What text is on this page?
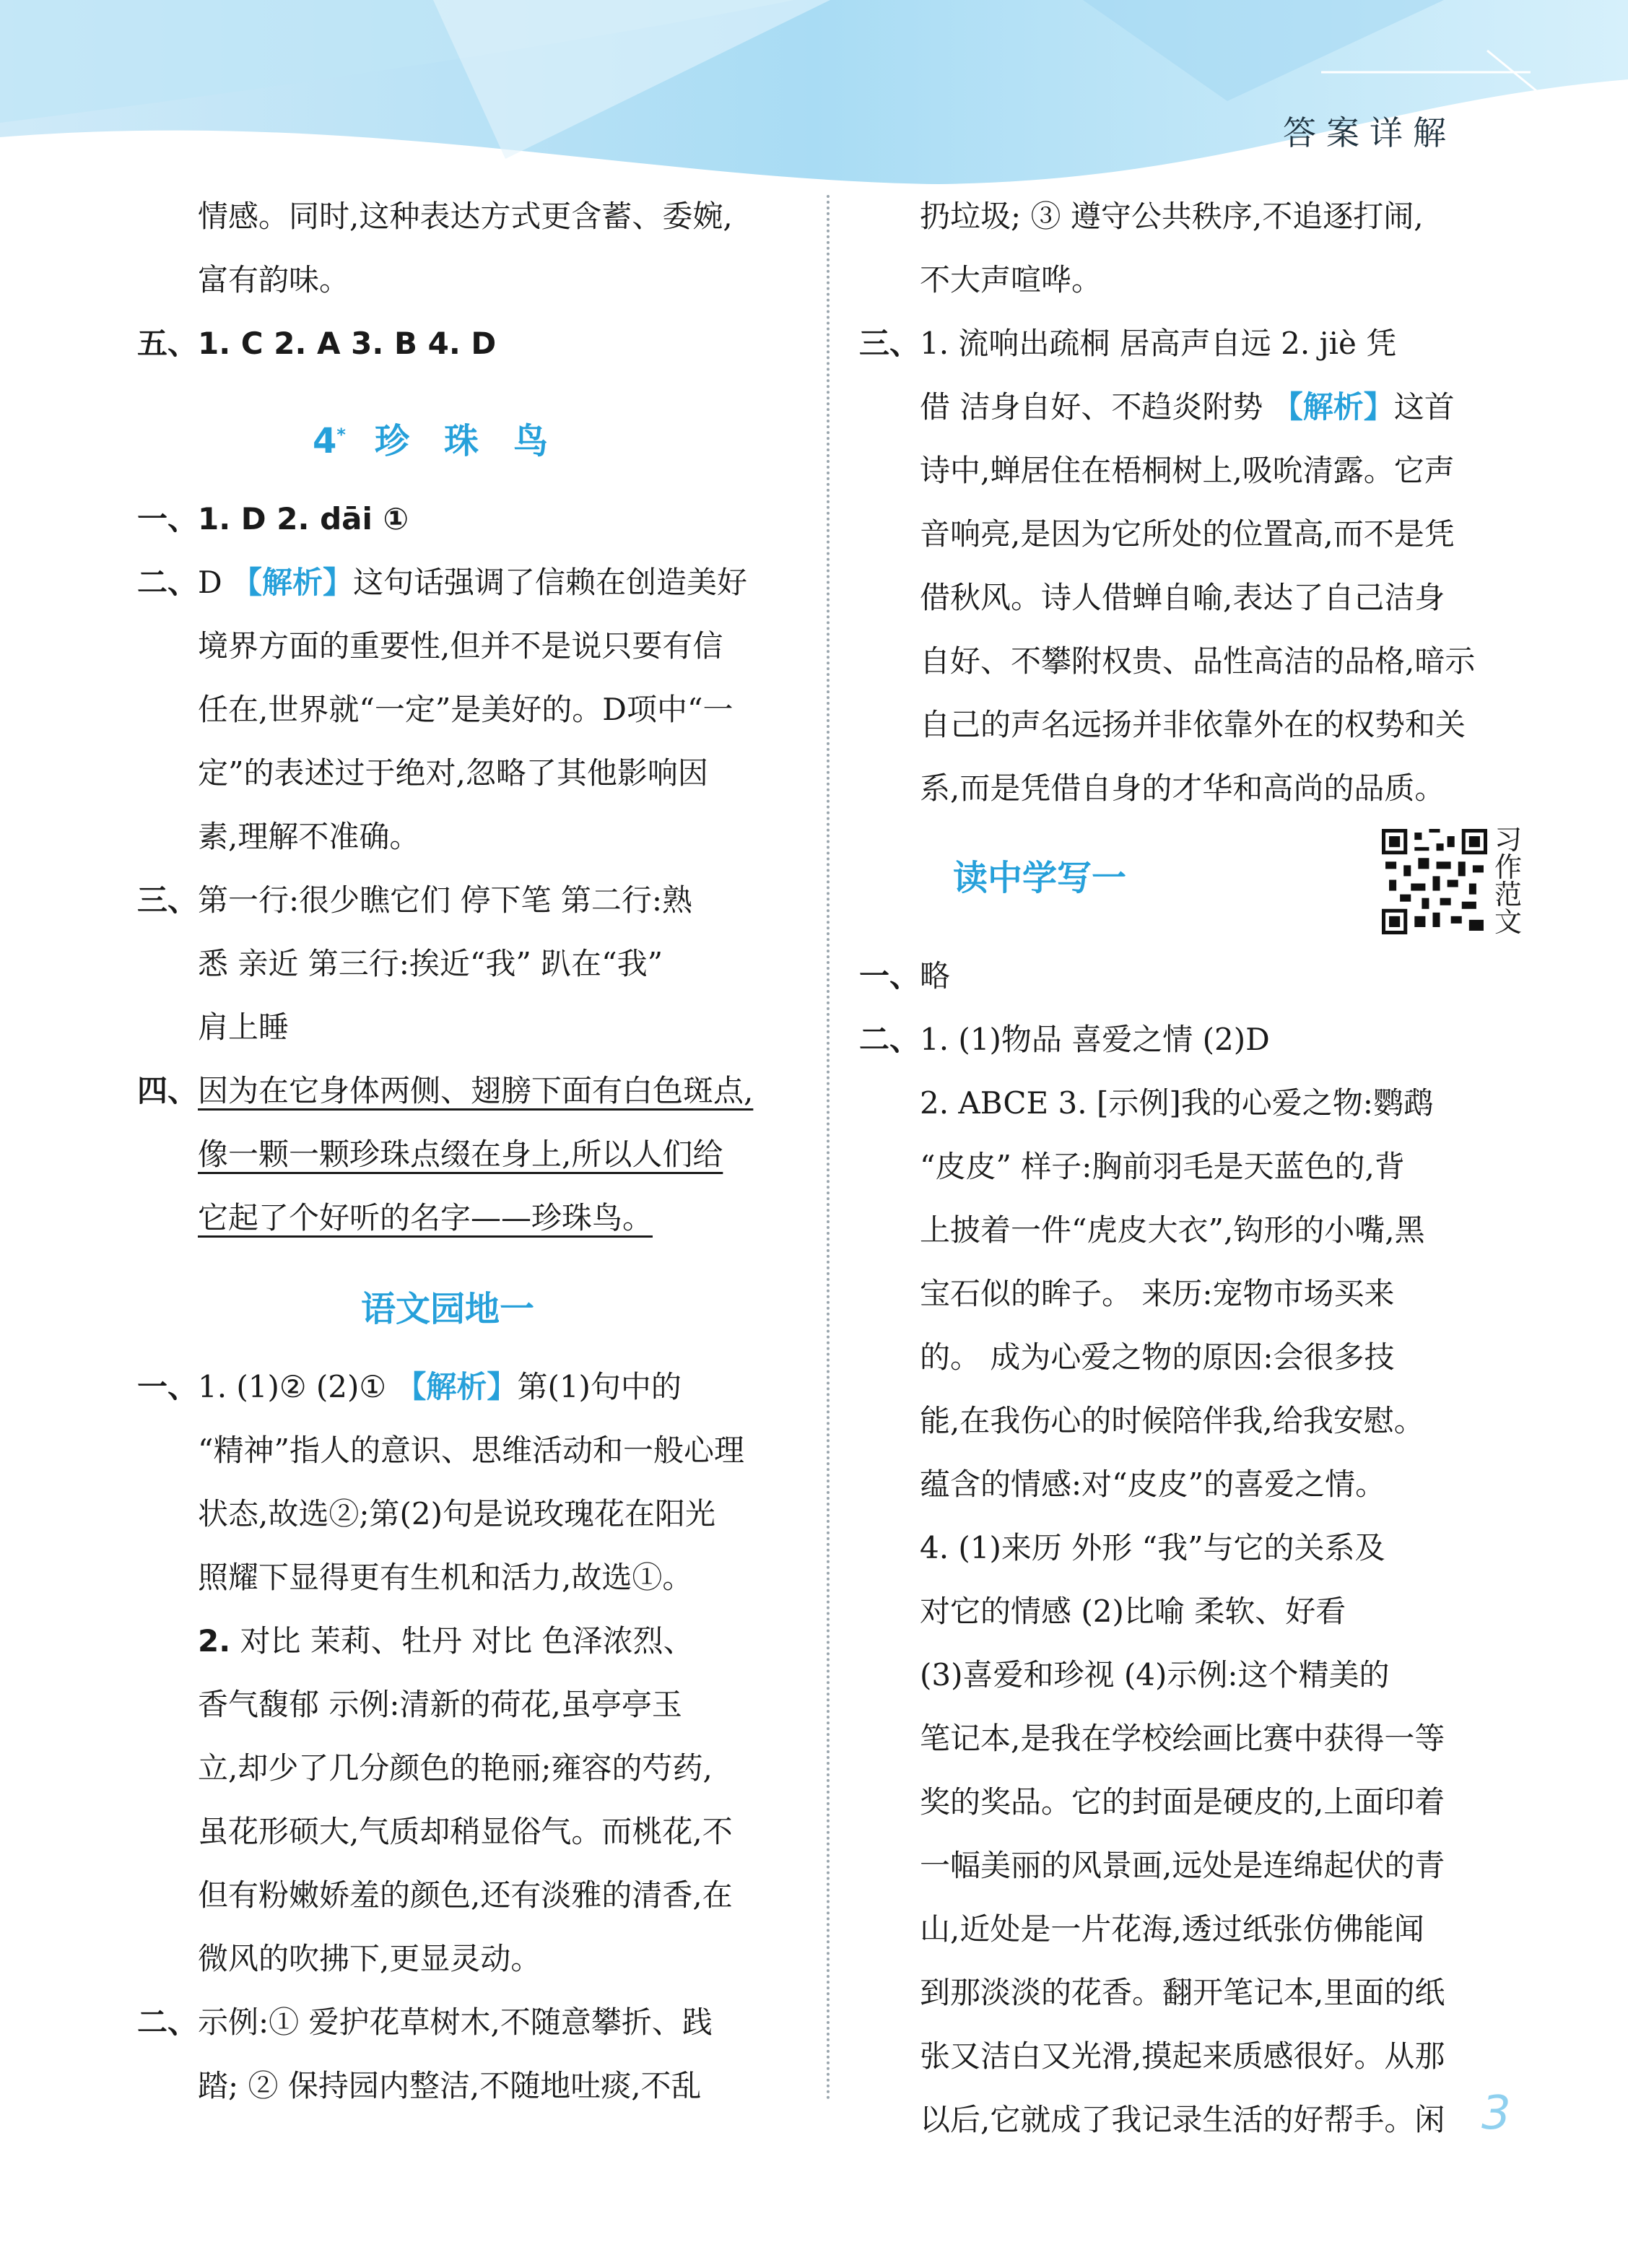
答案详解
情感。同时,这种表达方式更含蓄、委婉,
富有韵味。
五、 1. C 2. A 3. B 4. D
4* 珍珠鸟
一、 1. D 2. dāi ①
二、 D 【解析】这句话强调了信赖在创造美好
境界方面的重要性,但并不是说只要有信
任在,世界就“一定”是美好的。D项中“一
定”的表述过于绝对,忽略了其他影响因
素,理解不准确。
三、 第一行:很少瞧它们 停下笔 第二行:熟
悉 亲近 第三行:挨近“我” 趴在“我”
肩上睡
四、 因为在它身体两侧、翅膀下面有白色斑点,
像一颗一颗珍珠点缀在身上,所以人们给
它起了个好听的名字——珍珠鸟。
语文园地一
一、 1. (1)② (2)① 【解析】第(1)句中的
“精神”指人的意识、思维活动和一般心理
状态,故选②;第(2)句是说玫瑰花在阳光
照耀下显得更有生机和活力,故选①。
2. 对比 茉莉、牡丹 对比 色泽浓烈、
香气馥郁 示例:清新的荷花,虽亭亭玉
立,却少了几分颜色的艳丽;雍容的芍药,
虽花形硕大,气质却稍显俗气。而桃花,不
但有粉嫩娇羞的颜色,还有淡雅的清香,在
微风的吹拂下,更显灵动。
二、 示例:① 爱护花草树木,不随意攀折、践
踏; ② 保持园内整洁,不随地吐痰,不乱
扔垃圾; ③ 遵守公共秩序,不追逐打闹,
不大声喧哗。
三、 1. 流响出疏桐 居高声自远 2. jiè 凭
借 洁身自好、不趋炎附势 【解析】这首
诗中,蝉居住在梧桐树上,吸吮清露。它声
音响亮,是因为它所处的位置高,而不是凭
借秋风。诗人借蝉自喻,表达了自己洁身
自好、不攀附权贵、品性高洁的品格,暗示
自己的声名远扬并非依靠外在的权势和关
系,而是凭借自身的才华和高尚的品质。
读中学写一
习作范文
一、 略
二、 1. (1)物品 喜爱之情 (2)D
2. ABCE 3. [示例]我的心爱之物:鹦鹉
“皮皮” 样子:胸前羽毛是天蓝色的,背
上披着一件“虎皮大衣”,钩形的小嘴,黑
宝石似的眸子。 来历:宠物市场买来
的。 成为心爱之物的原因:会很多技
能,在我伤心的时候陪伴我,给我安慰。
蕴含的情感:对“皮皮”的喜爱之情。
4. (1)来历 外形 “我”与它的关系及
对它的情感 (2)比喻 柔软、好看
(3)喜爱和珍视 (4)示例:这个精美的
笔记本,是我在学校绘画比赛中获得一等
奖的奖品。它的封面是硬皮的,上面印着
一幅美丽的风景画,远处是连绵起伏的青
山,近处是一片花海,透过纸张仿佛能闻
到那淡淡的花香。翻开笔记本,里面的纸
张又洁白又光滑,摸起来质感很好。从那
以后,它就成了我记录生活的好帮手。闲 3
